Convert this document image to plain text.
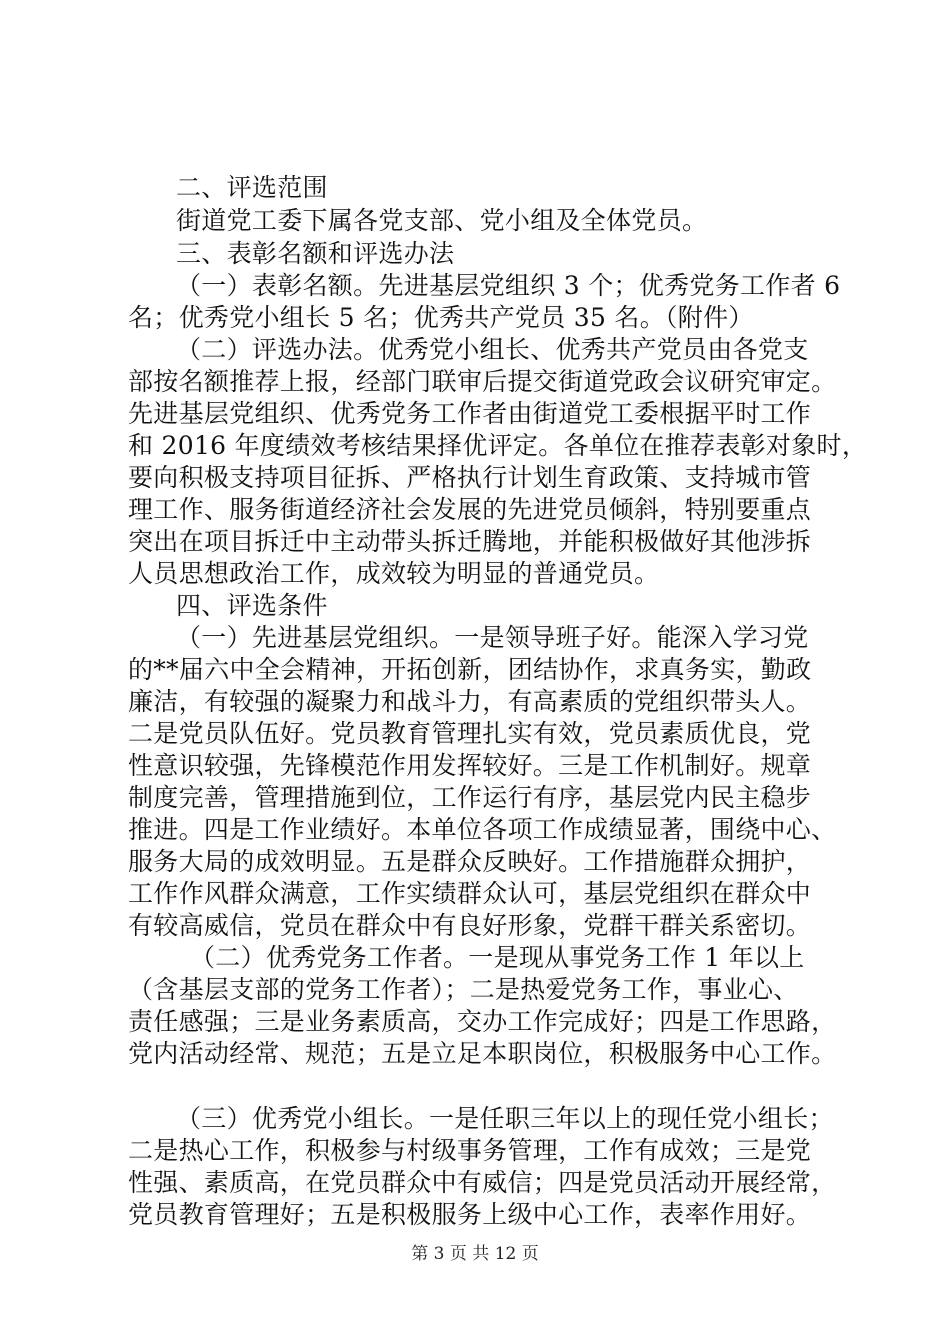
二、评选范围
街道党工委下属各党支部、党小组及全体党员。
三、表彰名额和评选办法
（一）表彰名额。先进基层党组织 3 个；优秀党务工作者 6
名；优秀党小组长 5 名；优秀共产党员 35 名。（附件）
（二）评选办法。优秀党小组长、优秀共产党员由各党支
部按名额推荐上报，经部门联审后提交街道党政会议研究审定。
先进基层党组织、优秀党务工作者由街道党工委根据平时工作
和 2016 年度绩效考核结果择优评定。各单位在推荐表彰对象时，
要向积极支持项目征拆、严格执行计划生育政策、支持城市管
理工作、服务街道经济社会发展的先进党员倾斜，特别要重点
突出在项目拆迁中主动带头拆迁腾地，并能积极做好其他涉拆
人员思想政治工作，成效较为明显的普通党员。
四、评选条件
（一）先进基层党组织。一是领导班子好。能深入学习党
的**届六中全会精神，开拓创新，团结协作，求真务实，勤政
廉洁，有较强的凝聚力和战斗力，有高素质的党组织带头人。
二是党员队伍好。党员教育管理扎实有效，党员素质优良，党
性意识较强，先锋模范作用发挥较好。三是工作机制好。规章
制度完善，管理措施到位，工作运行有序，基层党内民主稳步
推进。四是工作业绩好。本单位各项工作成绩显著，围绕中心、
服务大局的成效明显。五是群众反映好。工作措施群众拥护，
工作作风群众满意，工作实绩群众认可，基层党组织在群众中
有较高威信，党员在群众中有良好形象，党群干群关系密切。
（二）优秀党务工作者。一是现从事党务工作 1 年以上
（含基层支部的党务工作者）；二是热爱党务工作，事业心、
责任感强；三是业务素质高，交办工作完成好；四是工作思路，
党内活动经常、规范；五是立足本职岗位，积极服务中心工作。
（三）优秀党小组长。一是任职三年以上的现任党小组长；
二是热心工作，积极参与村级事务管理，工作有成效；三是党
性强、素质高，在党员群众中有威信；四是党员活动开展经常，
党员教育管理好；五是积极服务上级中心工作，表率作用好。
第 3 页 共 12 页
